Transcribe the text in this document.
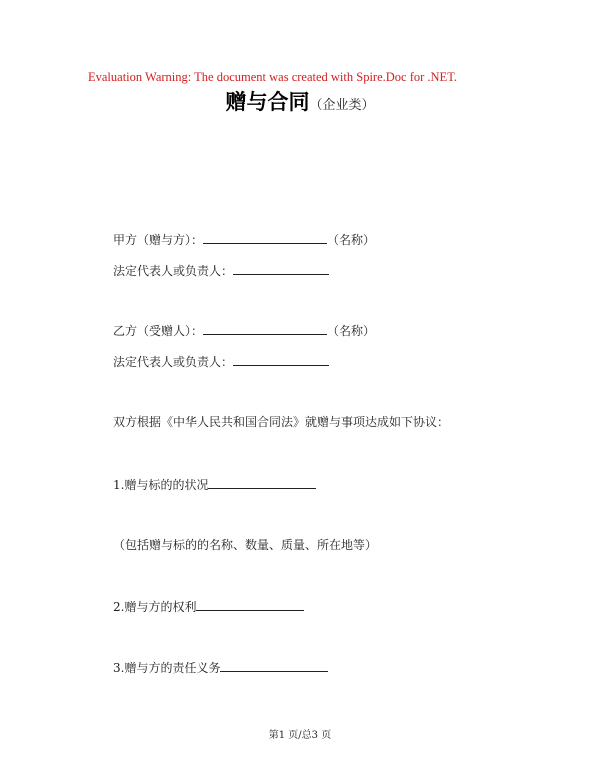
Evaluation Warning: The document was created with Spire.Doc for .NET.
赠与合同（企业类）
甲方（赠与方）：	（名称）
法定代表人或负责人：
乙方（受赠人）：	（名称）
法定代表人或负责人：
双方根据《中华人民共和国合同法》就赠与事项达成如下协议：
1.赠与标的的状况
（包括赠与标的的名称、数量、质量、所在地等）
2.赠与方的权利
3.赠与方的责任义务
第1 页/总3 页
